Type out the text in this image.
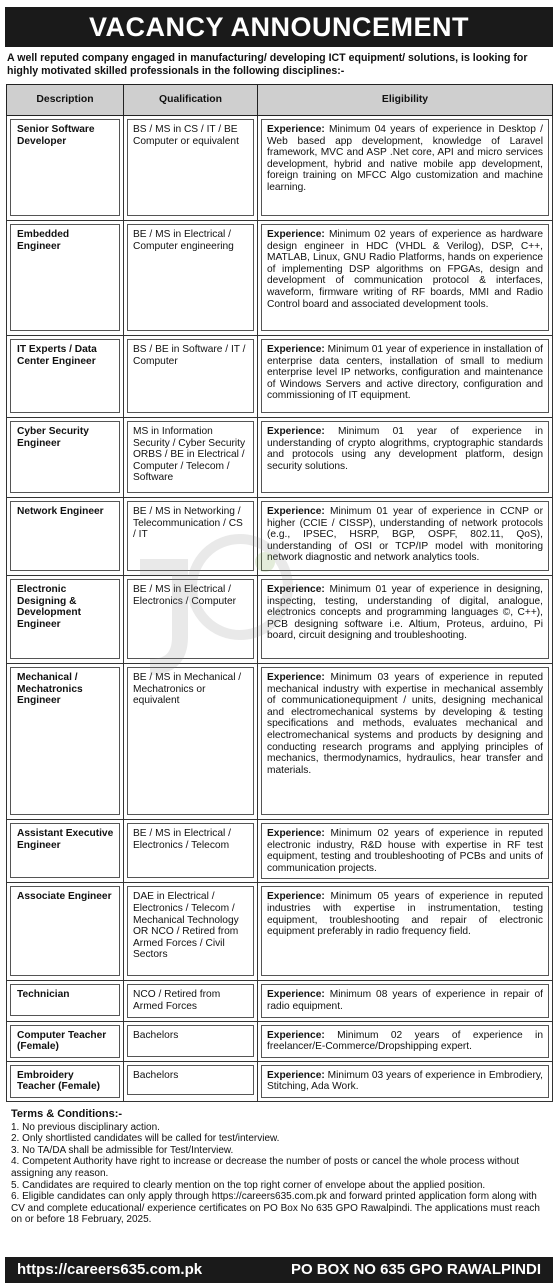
VACANCY ANNOUNCEMENT
A well reputed company engaged in manufacturing/ developing ICT equipment/ solutions, is looking for highly motivated skilled professionals in the following disciplines:-
Description	Qualification	Eligibility

Senior Software Developer	BS / MS in CS / IT / BE Computer or equivalent	Experience: Minimum 04 years of experience in Desktop / Web based app development, knowledge of Laravel framework, MVC and ASP .Net core, API and micro services development, hybrid and native mobile app development, foreign training on MFCC Algo customization and machine learning.

Embedded Engineer	BE / MS in Electrical / Computer engineering	Experience: Minimum 02 years of experience as hardware design engineer in HDC (VHDL & Verilog), DSP, C++, MATLAB, Linux, GNU Radio Platforms, hands on experience of implementing DSP algorithms on FPGAs, design and development of communication protocol & interfaces, waveform, firmware writing of RF boards, MMI and Radio Control board and associated development tools.

IT Experts / Data Center Engineer	BS / BE in Software / IT / Computer	Experience: Minimum 01 year of experience in installation of enterprise data centers, installation of small to medium enterprise level IP networks, configuration and maintenance of Windows Servers and active directory, configuration and commissioning of IT equipment.

Cyber Security Engineer	MS in Information Security / Cyber Security ORBS / BE in Electrical / Computer / Telecom / Software	Experience: Minimum 01 year of experience in understanding of crypto alogrithms, cryptographic standards and protocols using any development platform, design security solutions.

Network Engineer	BE / MS in Networking / Telecommunication / CS / IT	Experience: Minimum 01 year of experience in CCNP or higher (CCIE / CISSP), understanding of network protocols (e.g., IPSEC, HSRP, BGP, OSPF, 802.11, QoS), understanding of OSI or TCP/IP model with monitoring network diagnostic and network analytics tools.

Electronic Designing & Development Engineer	BE / MS in Electrical / Electronics / Computer	Experience: Minimum 01 year of experience in designing, inspecting, testing, understanding of digital, analogue, electronics concepts and programming languages ©, C++), PCB designing software i.e. Altium, Proteus, arduino, Pi board, circuit designing and troubleshooting.

Mechanical / Mechatronics Engineer	BE / MS in Mechanical / Mechatronics or equivalent	Experience: Minimum 03 years of experience in reputed mechanical industry with expertise in mechanical assembly of communicationequipment / units, designing mechanical and electromechanical systems by developing & testing specifications and methods, evaluates mechanical and electromechanical systems and products by designing and conducting research programs and applying principles of mechanics, thermodynamics, hydraulics, hear transfer and materials.

Assistant Executive Engineer	BE / MS in Electrical / Electronics / Telecom	Experience: Minimum 02 years of experience in reputed electronic industry, R&D house with expertise in RF test equipment, testing and troubleshooting of PCBs and units of communication projects.

Associate Engineer	DAE in Electrical / Electronics / Telecom / Mechanical Technology OR NCO / Retired from Armed Forces / Civil Sectors	Experience: Minimum 05 years of experience in reputed industries with expertise in instrumentation, testing equipment, troubleshooting and repair of electronic equipment preferably in radio frequency field.

Technician	NCO / Retired from Armed Forces	Experience: Minimum 08 years of experience in repair of radio equipment.

Computer Teacher (Female)	Bachelors	Experience: Minimum 02 years of experience in freelancer/E-Commerce/Dropshipping expert.

Embroidery Teacher (Female)	Bachelors	Experience: Minimum 03 years of experience in Embrodiery, Stitching, Ada Work.
Terms & Conditions:-
1. No previous disciplinary action.
2. Only shortlisted candidates will be called for test/interview.
3. No TA/DA shall be admissible for Test/Interview.
4. Competent Authority have right to increase or decrease the number of posts or cancel the whole process without assigning any reason.
5. Candidates are required to clearly mention on the top right corner of envelope about the applied position.
6. Eligible candidates can only apply through https://careers635.com.pk and forward printed application form along with CV and complete educational/ experience certificates on PO Box No 635 GPO Rawalpindi. The applications must reach on or before 18 February, 2025.
https://careers635.com.pk	PO BOX NO 635 GPO RAWALPINDI
